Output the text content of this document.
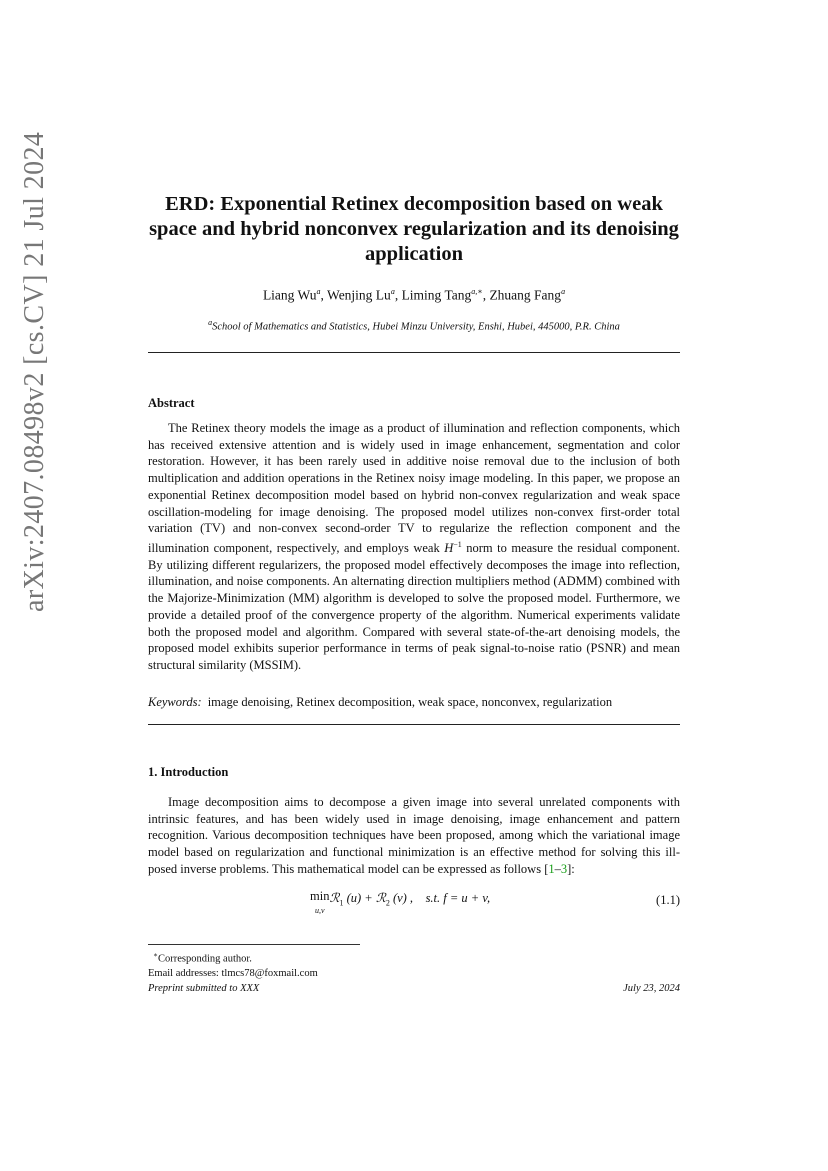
arXiv:2407.08498v2 [cs.CV] 21 Jul 2024	ERD: Exponential Retinex decomposition based on weak
space and hybrid nonconvex regularization and its denoising
application
Liang Wu$^a$, Wenjing Lu$^a$, Liming Tang$^{a,∗}$, Zhuang Fang$^a$
$^a$School of Mathematics and Statistics, Hubei Minzu University, Enshi, Hubei, 445000, P.R. China
Abstract
The Retinex theory models the image as a product of illumination and reflection components, which has received extensive attention and is widely used in image enhancement, segmentation and color restoration. However, it has been rarely used in additive noise removal due to the inclusion of both multiplication and addition operations in the Retinex noisy image modeling. In this paper, we propose an exponential Retinex decomposition model based on hybrid non-convex regularization and weak space oscillation-modeling for image denoising. The proposed model utilizes non-convex first-order total variation (TV) and non-convex second-order TV to regularize the reflection component and the illumination component, respectively, and employs weak $H^{-1}$ norm to measure the residual component. By utilizing different regularizers, the proposed model effectively decomposes the image into reflection, illumination, and noise components. An alternating direction multipliers method (ADMM) combined with the Majorize-Minimization (MM) algorithm is developed to solve the proposed model. Furthermore, we provide a detailed proof of the convergence property of the algorithm. Numerical experiments validate both the proposed model and algorithm. Compared with several state-of-the-art denoising models, the proposed model exhibits superior performance in terms of peak signal-to-noise ratio (PSNR) and mean structural similarity (MSSIM).
Keywords: image denoising, Retinex decomposition, weak space, nonconvex, regularization
1. Introduction
Image decomposition aims to decompose a given image into several unrelated components with intrinsic features, and has been widely used in image denoising, image enhancement and pattern recognition. Various decomposition techniques have been proposed, among which the variational image model based on regularization and functional minimization is an effective method for solving this ill-posed inverse problems. This mathematical model can be expressed as follows [1–3]:
min
u,vℛ$_1$ (u) + ℛ$_2$ (v) , s.t. f = u + v,	(1.1)
∗Corresponding author.
Email addresses: tlmcs78@foxmail.com
Preprint submitted to XXX	July 23, 2024
